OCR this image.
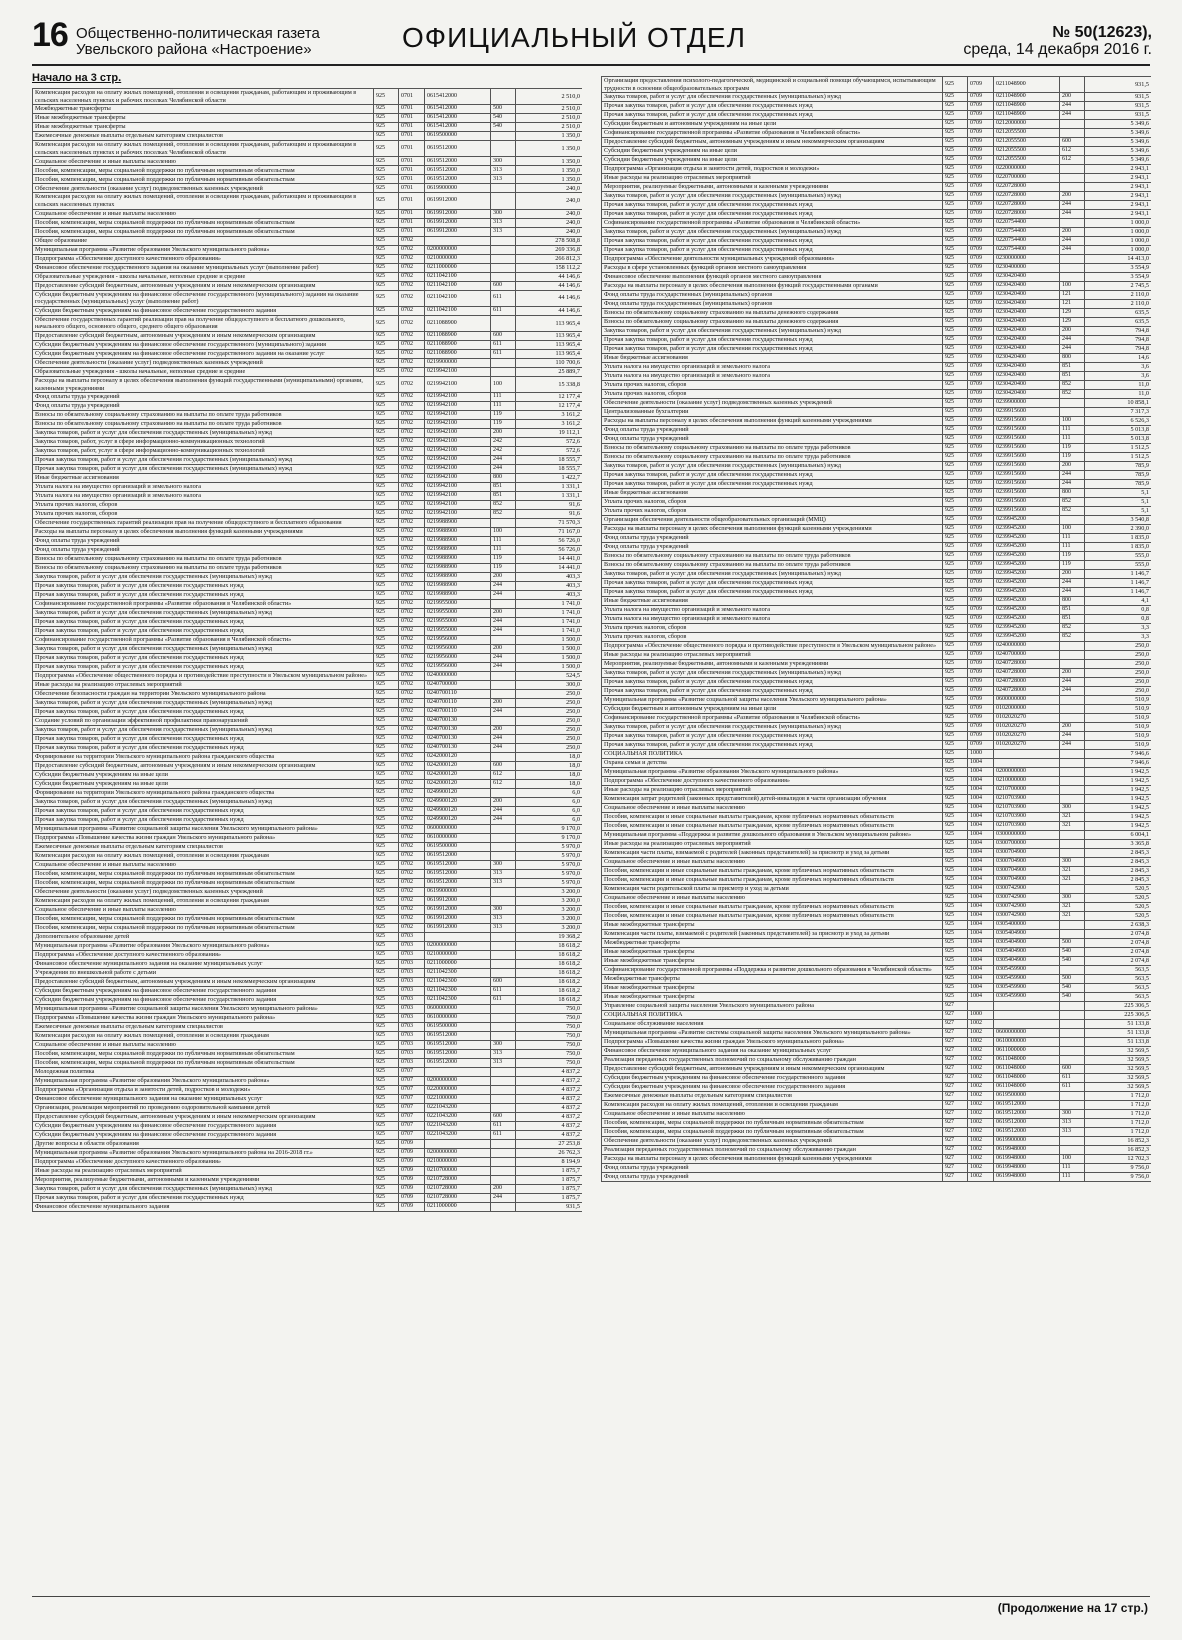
16 Общественно-политическая газета
Увельского района «Настроение»	ОФИЦИАЛЬНЫЙ ОТДЕЛ	№ 50(12623),
среда, 14 декабря 2016 г.
Начало на 3 стр.
Компенсация расходов на оплату жилых помещений, отопления и освещения гражданам, работающим и проживающим в сельских населенных пунктах и рабочих поселках Челябинской области	925	0701	0615412000		2 510,0
Межбюджетные трансферты	925	0701	0615412000	500	2 510,0
Иные межбюджетные трансферты	925	0701	0615412000	540	2 510,0
Иные межбюджетные трансферты	925	0701	0615412000	540	2 510,0
Ежемесячные денежные выплаты отдельным категориям специалистов	925	0701	0619500000		1 350,0
Компенсация расходов на оплату жилых помещений, отопления и освещения гражданам, работающим и проживающим в сельских населенных пунктах и рабочих поселках Челябинской области	925	0701	0619512000		1 350,0
Социальное обеспечение и иные выплаты населению	925	0701	0619512000	300	1 350,0
Пособия, компенсации, меры социальной поддержки по публичным нормативным обязательствам	925	0701	0619512000	313	1 350,0
Пособия, компенсации, меры социальной поддержки по публичным нормативным обязательствам	925	0701	0619512000	313	1 350,0
Обеспечение деятельности (оказание услуг) подведомственных казенных учреждений	925	0701	0619900000		240,0
Компенсация расходов на оплату жилых помещений, отопления и освещения гражданам, работающим и проживающим в сельских населенных пунктах	925	0701	0619912000		240,0
Социальное обеспечение и иные выплаты населению	925	0701	0619912000	300	240,0
Пособия, компенсации, меры социальной поддержки по публичным нормативным обязательствам	925	0701	0619912000	313	240,0
Пособия, компенсации, меры социальной поддержки по публичным нормативным обязательствам	925	0701	0619912000	313	240,0
Общее образование	925	0702			278 508,8
Муниципальная программа «Развитие образования Увельского муниципального района»	925	0702	0200000000		269 336,8
Подпрограмма «Обеспечение доступного качественного образования»	925	0702	0210000000		266 812,3
Финансовое обеспечение государственного задания на оказание муниципальных услуг (выполнение работ)	925	0702	0211000000		158 112,2
Образовательные учреждения - школы начальные, неполные средние и средние	925	0702	0211042100		44 146,6
Предоставление субсидий бюджетным, автономным учреждениям и иным некоммерческим организациям	925	0702	0211042100	600	44 146,6
Субсидии бюджетным учреждениям на финансовое обеспечение государственного (муниципального) задания на оказание государственных (муниципальных) услуг (выполнение работ)	925	0702	0211042100	611	44 146,6
Субсидии бюджетным учреждениям на финансовое обеспечение государственного задания	925	0702	0211042100	611	44 146,6
Обеспечение государственных гарантий реализации прав на получение общедоступного и бесплатного дошкольного, начального общего, основного общего, среднего общего образования	925	0702	0211088900		113 965,4
Предоставление субсидий бюджетным, автономным учреждениям и иным некоммерческим организациям	925	0702	0211088900	600	113 965,4
Субсидии бюджетным учреждениям на финансовое обеспечение государственного (муниципального) задания	925	0702	0211088900	611	113 965,4
Субсидии бюджетным учреждениям на финансовое обеспечение государственного задания на оказание услуг	925	0702	0211088900	611	113 965,4
Обеспечение деятельности (оказание услуг) подведомственных казенных учреждений	925	0702	0219900000		110 700,6
Образовательные учреждения - школы начальные, неполные средние и средние	925	0702	0219942100		25 889,7
Расходы на выплаты персоналу в целях обеспечения выполнения функций государственными (муниципальными) органами, казенными учреждениями	925	0702	0219942100	100	15 338,8
Фонд оплаты труда учреждений	925	0702	0219942100	111	12 177,4
Фонд оплаты труда учреждений	925	0702	0219942100	111	12 177,4
Взносы по обязательному социальному страхованию на выплаты по оплате труда работников	925	0702	0219942100	119	3 161,2
Взносы по обязательному социальному страхованию на выплаты по оплате труда работников	925	0702	0219942100	119	3 161,2
Закупка товаров, работ и услуг для обеспечения государственных (муниципальных) нужд	925	0702	0219942100	200	19 112,1
Закупка товаров, работ, услуг в сфере информационно-коммуникационных технологий	925	0702	0219942100	242	572,6
Закупка товаров, работ, услуг в сфере информационно-коммуникационных технологий	925	0702	0219942100	242	572,6
Прочая закупка товаров, работ и услуг для обеспечения государственных (муниципальных) нужд	925	0702	0219942100	244	18 555,7
Прочая закупка товаров, работ и услуг для обеспечения государственных (муниципальных) нужд	925	0702	0219942100	244	18 555,7
Иные бюджетные ассигнования	925	0702	0219942100	800	1 422,7
Уплата налога на имущество организаций и земельного налога	925	0702	0219942100	851	1 331,1
Уплата налога на имущество организаций и земельного налога	925	0702	0219942100	851	1 331,1
Уплата прочих налогов, сборов	925	0702	0219942100	852	91,6
Уплата прочих налогов, сборов	925	0702	0219942100	852	91,6
Обеспечение государственных гарантий реализации прав на получение общедоступного и бесплатного образования	925	0702	0219988900		71 570,3
Расходы на выплаты персоналу в целях обеспечения выполнения функций казенными учреждениями	925	0702	0219988900	100	71 167,0
Фонд оплаты труда учреждений	925	0702	0219988900	111	56 726,0
Фонд оплаты труда учреждений	925	0702	0219988900	111	56 726,0
Взносы по обязательному социальному страхованию на выплаты по оплате труда работников	925	0702	0219988900	119	14 441,0
Взносы по обязательному социальному страхованию на выплаты по оплате труда работников	925	0702	0219988900	119	14 441,0
Закупка товаров, работ и услуг для обеспечения государственных (муниципальных) нужд	925	0702	0219988900	200	403,3
Прочая закупка товаров, работ и услуг для обеспечения государственных нужд	925	0702	0219988900	244	403,3
Прочая закупка товаров, работ и услуг для обеспечения государственных нужд	925	0702	0219988900	244	403,3
Софинансирование государственной программы «Развитие образования в Челябинской области»	925	0702	0219955000		1 741,0
Закупка товаров, работ и услуг для обеспечения государственных (муниципальных) нужд	925	0702	0219955000	200	1 741,0
Прочая закупка товаров, работ и услуг для обеспечения государственных нужд	925	0702	0219955000	244	1 741,0
Прочая закупка товаров, работ и услуг для обеспечения государственных нужд	925	0702	0219955000	244	1 741,0
Софинансирование государственной программы «Развитие образования в Челябинской области»	925	0702	0219956000		1 500,0
Закупка товаров, работ и услуг для обеспечения государственных (муниципальных) нужд	925	0702	0219956000	200	1 500,0
Прочая закупка товаров, работ и услуг для обеспечения государственных нужд	925	0702	0219956000	244	1 500,0
Прочая закупка товаров, работ и услуг для обеспечения государственных нужд	925	0702	0219956000	244	1 500,0
Подпрограмма «Обеспечение общественного порядка и противодействие преступности в Увельском муниципальном районе»	925	0702	0240000000		524,5
Иные расходы на реализацию отраслевых мероприятий	925	0702	0240700000		300,0
Обеспечение безопасности граждан на территории Увельского муниципального района	925	0702	0240700110		250,0
Закупка товаров, работ и услуг для обеспечения государственных (муниципальных) нужд	925	0702	0240700110	200	250,0
Прочая закупка товаров, работ и услуг для обеспечения государственных нужд	925	0702	0240700110	244	250,0
Создание условий по организации эффективной профилактики правонарушений	925	0702	0240700130		250,0
Закупка товаров, работ и услуг для обеспечения государственных (муниципальных) нужд	925	0702	0240700130	200	250,0
Прочая закупка товаров, работ и услуг для обеспечения государственных нужд	925	0702	0240700130	244	250,0
Прочая закупка товаров, работ и услуг для обеспечения государственных нужд	925	0702	0240700130	244	250,0
Формирование на территории Увельского муниципального района гражданского общества	925	0702	0242000120		18,0
Предоставление субсидий бюджетным, автономным учреждениям и иным некоммерческим организациям	925	0702	0242000120	600	18,0
Субсидии бюджетным учреждениям на иные цели	925	0702	0242000120	612	18,0
Субсидии бюджетным учреждениям на иные цели	925	0702	0242000120	612	18,0
Формирование на территории Увельского муниципального района гражданского общества	925	0702	0249900120		6,0
Закупка товаров, работ и услуг для обеспечения государственных (муниципальных) нужд	925	0702	0249900120	200	6,0
Прочая закупка товаров, работ и услуг для обеспечения государственных нужд	925	0702	0249900120	244	6,0
Прочая закупка товаров, работ и услуг для обеспечения государственных нужд	925	0702	0249900120	244	6,0
Муниципальная программа «Развитие социальной защиты населения Увельского муниципального района»	925	0702	0600000000		9 170,0
Подпрограмма «Повышение качества жизни граждан Увельского муниципального района»	925	0702	0610000000		9 170,0
Ежемесячные денежные выплаты отдельным категориям специалистов	925	0702	0619500000		5 970,0
Компенсация расходов на оплату жилых помещений, отопления и освещения гражданам	925	0702	0619512000		5 970,0
Социальное обеспечение и иные выплаты населению	925	0702	0619512000	300	5 970,0
Пособия, компенсации, меры социальной поддержки по публичным нормативным обязательствам	925	0702	0619512000	313	5 970,0
Пособия, компенсации, меры социальной поддержки по публичным нормативным обязательствам	925	0702	0619512000	313	5 970,0
Обеспечение деятельности (оказание услуг) подведомственных казенных учреждений	925	0702	0619900000		3 200,0
Компенсация расходов на оплату жилых помещений, отопления и освещения гражданам	925	0702	0619912000		3 200,0
Социальное обеспечение и иные выплаты населению	925	0702	0619912000	300	3 200,0
Пособия, компенсации, меры социальной поддержки по публичным нормативным обязательствам	925	0702	0619912000	313	3 200,0
Пособия, компенсации, меры социальной поддержки по публичным нормативным обязательствам	925	0702	0619912000	313	3 200,0
Дополнительное образование детей	925	0703			19 368,2
Муниципальная программа «Развитие образования Увельского муниципального района»	925	0703	0200000000		18 618,2
Подпрограмма «Обеспечение доступного качественного образования»	925	0703	0210000000		18 618,2
Финансовое обеспечение муниципального задания на оказание муниципальных услуг	925	0703	0211000000		18 618,2
Учреждения по внешкольной работе с детьми	925	0703	0211042300		18 618,2
Предоставление субсидий бюджетным, автономным учреждениям и иным некоммерческим организациям	925	0703	0211042300	600	18 618,2
Субсидии бюджетным учреждениям на финансовое обеспечение государственного задания	925	0703	0211042300	611	18 618,2
Субсидии бюджетным учреждениям на финансовое обеспечение государственного задания	925	0703	0211042300	611	18 618,2
Муниципальная программа «Развитие социальной защиты населения Увельского муниципального района»	925	0703	0600000000		750,0
Подпрограмма «Повышение качества жизни граждан Увельского муниципального района»	925	0703	0610000000		750,0
Ежемесячные денежные выплаты отдельным категориям специалистов	925	0703	0619500000		750,0
Компенсация расходов на оплату жилых помещений, отопления и освещения гражданам	925	0703	0619512000		750,0
Социальное обеспечение и иные выплаты населению	925	0703	0619512000	300	750,0
Пособия, компенсации, меры социальной поддержки по публичным нормативным обязательствам	925	0703	0619512000	313	750,0
Пособия, компенсации, меры социальной поддержки по публичным нормативным обязательствам	925	0703	0619512000	313	750,0
Молодежная политика	925	0707			4 837,2
Муниципальная программа «Развитие образования Увельского муниципального района»	925	0707	0200000000		4 837,2
Подпрограмма «Организация отдыха и занятости детей, подростков и молодежи»	925	0707	0220000000		4 837,2
Финансовое обеспечение муниципального задания на оказание муниципальных услуг	925	0707	0221000000		4 837,2
Организация, реализация мероприятий по проведению оздоровительной кампании детей	925	0707	0221043200		4 837,2
Предоставление субсидий бюджетным, автономным учреждениям и иным некоммерческим организациям	925	0707	0221043200	600	4 837,2
Субсидии бюджетным учреждениям на финансовое обеспечение государственного задания	925	0707	0221043200	611	4 837,2
Субсидии бюджетным учреждениям на финансовое обеспечение государственного задания	925	0707	0221043200	611	4 837,2
Другие вопросы в области образования	925	0709			27 253,8
Муниципальная программа «Развитие образования Увельского муниципального района на 2016-2018 гг.»	925	0709	0200000000		26 762,3
Подпрограмма «Обеспечение доступного качественного образования»	925	0709	0210000000		8 194,9
Иные расходы на реализацию отраслевых мероприятий	925	0709	0210700000		1 875,7
Мероприятия, реализуемые бюджетными, автономными и казенными учреждениями	925	0709	0210728000		1 875,7
Закупка товаров, работ и услуг для обеспечения государственных (муниципальных) нужд	925	0709	0210728000	200	1 875,7
Прочая закупка товаров, работ и услуг для обеспечения государственных нужд	925	0709	0210728000	244	1 875,7
Финансовое обеспечение муниципального задания	925	0709	0211000000		931,5
Организация предоставления психолого-педагогической, медицинской и социальной помощи обучающимся, испытывающим трудности в освоении общеобразовательных программ	925	0709	0211048900		931,5
Закупка товаров, работ и услуг для обеспечения государственных (муниципальных) нужд	925	0709	0211048900	200	931,5
Прочая закупка товаров, работ и услуг для обеспечения государственных нужд	925	0709	0211048900	244	931,5
Прочая закупка товаров, работ и услуг для обеспечения государственных нужд	925	0709	0211048900	244	931,5
Субсидии бюджетным и автономным учреждениям на иные цели	925	0709	0212000000		5 349,6
Софинансирование государственной программы «Развитие образования в Челябинской области»	925	0709	0212055500		5 349,6
Предоставление субсидий бюджетным, автономным учреждениям и иным некоммерческим организациям	925	0709	0212055500	600	5 349,6
Субсидии бюджетным учреждениям на иные цели	925	0709	0212055500	612	5 349,6
Субсидии бюджетным учреждениям на иные цели	925	0709	0212055500	612	5 349,6
Подпрограмма «Организация отдыха и занятости детей, подростков и молодежи»	925	0709	0220000000		2 943,1
Иные расходы на реализацию отраслевых мероприятий	925	0709	0220700000		2 943,1
Мероприятия, реализуемые бюджетными, автономными и казенными учреждениями	925	0709	0220728000		2 943,1
Закупка товаров, работ и услуг для обеспечения государственных (муниципальных) нужд	925	0709	0220728000	200	2 943,1
Прочая закупка товаров, работ и услуг для обеспечения государственных нужд	925	0709	0220728000	244	2 943,1
Прочая закупка товаров, работ и услуг для обеспечения государственных нужд	925	0709	0220728000	244	2 943,1
Софинансирование государственной программы «Развитие образования в Челябинской области»	925	0709	0220754400		1 000,0
Закупка товаров, работ и услуг для обеспечения государственных (муниципальных) нужд	925	0709	0220754400	200	1 000,0
Прочая закупка товаров, работ и услуг для обеспечения государственных нужд	925	0709	0220754400	244	1 000,0
Прочая закупка товаров, работ и услуг для обеспечения государственных нужд	925	0709	0220754400	244	1 000,0
Подпрограмма «Обеспечение деятельности муниципальных учреждений образования»	925	0709	0230000000		14 413,0
Расходы в сфере установленных функций органов местного самоуправления	925	0709	0230400000		3 554,9
Финансовое обеспечение выполнения функций органов местного самоуправления	925	0709	0230420400		3 554,9
Расходы на выплаты персоналу в целях обеспечения выполнения функций государственными органами	925	0709	0230420400	100	2 745,5
Фонд оплаты труда государственных (муниципальных) органов	925	0709	0230420400	121	2 110,0
Фонд оплаты труда государственных (муниципальных) органов	925	0709	0230420400	121	2 110,0
Взносы по обязательному социальному страхованию на выплаты денежного содержания	925	0709	0230420400	129	635,5
Взносы по обязательному социальному страхованию на выплаты денежного содержания	925	0709	0230420400	129	635,5
Закупка товаров, работ и услуг для обеспечения государственных (муниципальных) нужд	925	0709	0230420400	200	794,8
Прочая закупка товаров, работ и услуг для обеспечения государственных нужд	925	0709	0230420400	244	794,8
Прочая закупка товаров, работ и услуг для обеспечения государственных нужд	925	0709	0230420400	244	794,8
Иные бюджетные ассигнования	925	0709	0230420400	800	14,6
Уплата налога на имущество организаций и земельного налога	925	0709	0230420400	851	3,6
Уплата налога на имущество организаций и земельного налога	925	0709	0230420400	851	3,6
Уплата прочих налогов, сборов	925	0709	0230420400	852	11,0
Уплата прочих налогов, сборов	925	0709	0230420400	852	11,0
Обеспечение деятельности (оказание услуг) подведомственных казенных учреждений	925	0709	0239900000		10 858,1
Централизованные бухгалтерии	925	0709	0239915600		7 317,3
Расходы на выплаты персоналу в целях обеспечения выполнения функций казенными учреждениями	925	0709	0239915600	100	6 526,3
Фонд оплаты труда учреждений	925	0709	0239915600	111	5 013,8
Фонд оплаты труда учреждений	925	0709	0239915600	111	5 013,8
Взносы по обязательному социальному страхованию на выплаты по оплате труда работников	925	0709	0239915600	119	1 512,5
Взносы по обязательному социальному страхованию на выплаты по оплате труда работников	925	0709	0239915600	119	1 512,5
Закупка товаров, работ и услуг для обеспечения государственных (муниципальных) нужд	925	0709	0239915600	200	785,9
Прочая закупка товаров, работ и услуг для обеспечения государственных нужд	925	0709	0239915600	244	785,9
Прочая закупка товаров, работ и услуг для обеспечения государственных нужд	925	0709	0239915600	244	785,9
Иные бюджетные ассигнования	925	0709	0239915600	800	5,1
Уплата прочих налогов, сборов	925	0709	0239915600	852	5,1
Уплата прочих налогов, сборов	925	0709	0239915600	852	5,1
Организация обеспечения деятельности общеобразовательных организаций (ММЦ)	925	0709	0239945200		3 540,8
Расходы на выплаты персоналу в целях обеспечения выполнения функций казенными учреждениями	925	0709	0239945200	100	2 390,0
Фонд оплаты труда учреждений	925	0709	0239945200	111	1 835,0
Фонд оплаты труда учреждений	925	0709	0239945200	111	1 835,0
Взносы по обязательному социальному страхованию на выплаты по оплате труда работников	925	0709	0239945200	119	555,0
Взносы по обязательному социальному страхованию на выплаты по оплате труда работников	925	0709	0239945200	119	555,0
Закупка товаров, работ и услуг для обеспечения государственных (муниципальных) нужд	925	0709	0239945200	200	1 146,7
Прочая закупка товаров, работ и услуг для обеспечения государственных нужд	925	0709	0239945200	244	1 146,7
Прочая закупка товаров, работ и услуг для обеспечения государственных нужд	925	0709	0239945200	244	1 146,7
Иные бюджетные ассигнования	925	0709	0239945200	800	4,1
Уплата налога на имущество организаций и земельного налога	925	0709	0239945200	851	0,8
Уплата налога на имущество организаций и земельного налога	925	0709	0239945200	851	0,8
Уплата прочих налогов, сборов	925	0709	0239945200	852	3,3
Уплата прочих налогов, сборов	925	0709	0239945200	852	3,3
Подпрограмма «Обеспечение общественного порядка и противодействие преступности в Увельском муниципальном районе»	925	0709	0240000000		250,0
Иные расходы на реализацию отраслевых мероприятий	925	0709	0240700000		250,0
Мероприятия, реализуемые бюджетными, автономными и казенными учреждениями	925	0709	0240728000		250,0
Закупка товаров, работ и услуг для обеспечения государственных (муниципальных) нужд	925	0709	0240728000	200	250,0
Прочая закупка товаров, работ и услуг для обеспечения государственных нужд	925	0709	0240728000	244	250,0
Прочая закупка товаров, работ и услуг для обеспечения государственных нужд	925	0709	0240728000	244	250,0
Муниципальная программа «Развитие социальной защиты населения Увельского муниципального района»	925	0709	0600000000		510,9
Субсидии бюджетным и автономным учреждениям на иные цели	925	0709	0102000000		510,9
Софинансирование государственной программы «Развитие образования в Челябинской области»	925	0709	0102020270		510,9
Закупка товаров, работ и услуг для обеспечения государственных (муниципальных) нужд	925	0709	0102020270	200	510,9
Прочая закупка товаров, работ и услуг для обеспечения государственных нужд	925	0709	0102020270	244	510,9
Прочая закупка товаров, работ и услуг для обеспечения государственных нужд	925	0709	0102020270	244	510,9
СОЦИАЛЬНАЯ ПОЛИТИКА	925	1000			7 946,6
Охрана семьи и детства	925	1004			7 946,6
Муниципальная программа «Развитие образования Увельского муниципального района»	925	1004	0200000000		1 942,5
Подпрограмма «Обеспечение доступного качественного образования»	925	1004	0210000000		1 942,5
Иные расходы на реализацию отраслевых мероприятий	925	1004	0210700000		1 942,5
Компенсация затрат родителей (законных представителей) детей-инвалидов в части организации обучения	925	1004	0210703900		1 942,5
Социальное обеспечение и иные выплаты населению	925	1004	0210703900	300	1 942,5
Пособия, компенсации и иные социальные выплаты гражданам, кроме публичных нормативных обязательств	925	1004	0210703900	321	1 942,5
Пособия, компенсации и иные социальные выплаты гражданам, кроме публичных нормативных обязательств	925	1004	0210703900	321	1 942,5
Муниципальная программа «Поддержка и развитие дошкольного образования в Увельском муниципальном районе»	925	1004	0300000000		6 004,1
Иные расходы на реализацию отраслевых мероприятий	925	1004	0300700000		3 365,8
Компенсация части платы, взимаемой с родителей (законных представителей) за присмотр и уход за детьми	925	1004	0300704900		2 845,3
Социальное обеспечение и иные выплаты населению	925	1004	0300704900	300	2 845,3
Пособия, компенсации и иные социальные выплаты гражданам, кроме публичных нормативных обязательств	925	1004	0300704900	321	2 845,3
Пособия, компенсации и иные социальные выплаты гражданам, кроме публичных нормативных обязательств	925	1004	0300704900	321	2 845,3
Компенсация части родительской платы за присмотр и уход за детьми	925	1004	0300742900		520,5
Социальное обеспечение и иные выплаты населению	925	1004	0300742900	300	520,5
Пособия, компенсации и иные социальные выплаты гражданам, кроме публичных нормативных обязательств	925	1004	0300742900	321	520,5
Пособия, компенсации и иные социальные выплаты гражданам, кроме публичных нормативных обязательств	925	1004	0300742900	321	520,5
Иные межбюджетные трансферты	925	1004	0305400000		2 638,3
Компенсация части платы, взимаемой с родителей (законных представителей) за присмотр и уход за детьми	925	1004	0305404900		2 074,8
Межбюджетные трансферты	925	1004	0305404900	500	2 074,8
Иные межбюджетные трансферты	925	1004	0305404900	540	2 074,8
Иные межбюджетные трансферты	925	1004	0305404900	540	2 074,8
Софинансирование государственной программы «Поддержка и развитие дошкольного образования в Челябинской области»	925	1004	0305459900		563,5
Межбюджетные трансферты	925	1004	0305459900	500	563,5
Иные межбюджетные трансферты	925	1004	0305459900	540	563,5
Иные межбюджетные трансферты	925	1004	0305459900	540	563,5
Управление социальной защиты населения Увельского муниципального района	927				225 306,5
СОЦИАЛЬНАЯ ПОЛИТИКА	927	1000			225 306,5
Социальное обслуживание населения	927	1002			51 133,8
Муниципальная программа «Развитие системы социальной защиты населения Увельского муниципального района»	927	1002	0600000000		51 133,8
Подпрограмма «Повышение качества жизни граждан Увельского муниципального района»	927	1002	0610000000		51 133,8
Финансовое обеспечение муниципального задания на оказание муниципальных услуг	927	1002	0611000000		32 569,5
Реализация переданных государственных полномочий по социальному обслуживанию граждан	927	1002	0611048000		32 569,5
Предоставление субсидий бюджетным, автономным учреждениям и иным некоммерческим организациям	927	1002	0611048000	600	32 569,5
Субсидии бюджетным учреждениям на финансовое обеспечение государственного задания	927	1002	0611048000	611	32 569,5
Субсидии бюджетным учреждениям на финансовое обеспечение государственного задания	927	1002	0611048000	611	32 569,5
Ежемесячные денежные выплаты отдельным категориям специалистов	927	1002	0619500000		1 712,0
Компенсация расходов на оплату жилых помещений, отопления и освещения гражданам	927	1002	0619512000		1 712,0
Социальное обеспечение и иные выплаты населению	927	1002	0619512000	300	1 712,0
Пособия, компенсации, меры социальной поддержки по публичным нормативным обязательствам	927	1002	0619512000	313	1 712,0
Пособия, компенсации, меры социальной поддержки по публичным нормативным обязательствам	927	1002	0619512000	313	1 712,0
Обеспечение деятельности (оказание услуг) подведомственных казенных учреждений	927	1002	0619900000		16 852,3
Реализация переданных государственных полномочий по социальному обслуживанию граждан	927	1002	0619948000		16 852,3
Расходы на выплаты персоналу в целях обеспечения выполнения функций казенными учреждениями	927	1002	0619948000	100	12 702,3
Фонд оплаты труда учреждений	927	1002	0619948000	111	9 756,0
Фонд оплаты труда учреждений	927	1002	0619948000	111	9 756,0
(Продолжение на 17 стр.)
